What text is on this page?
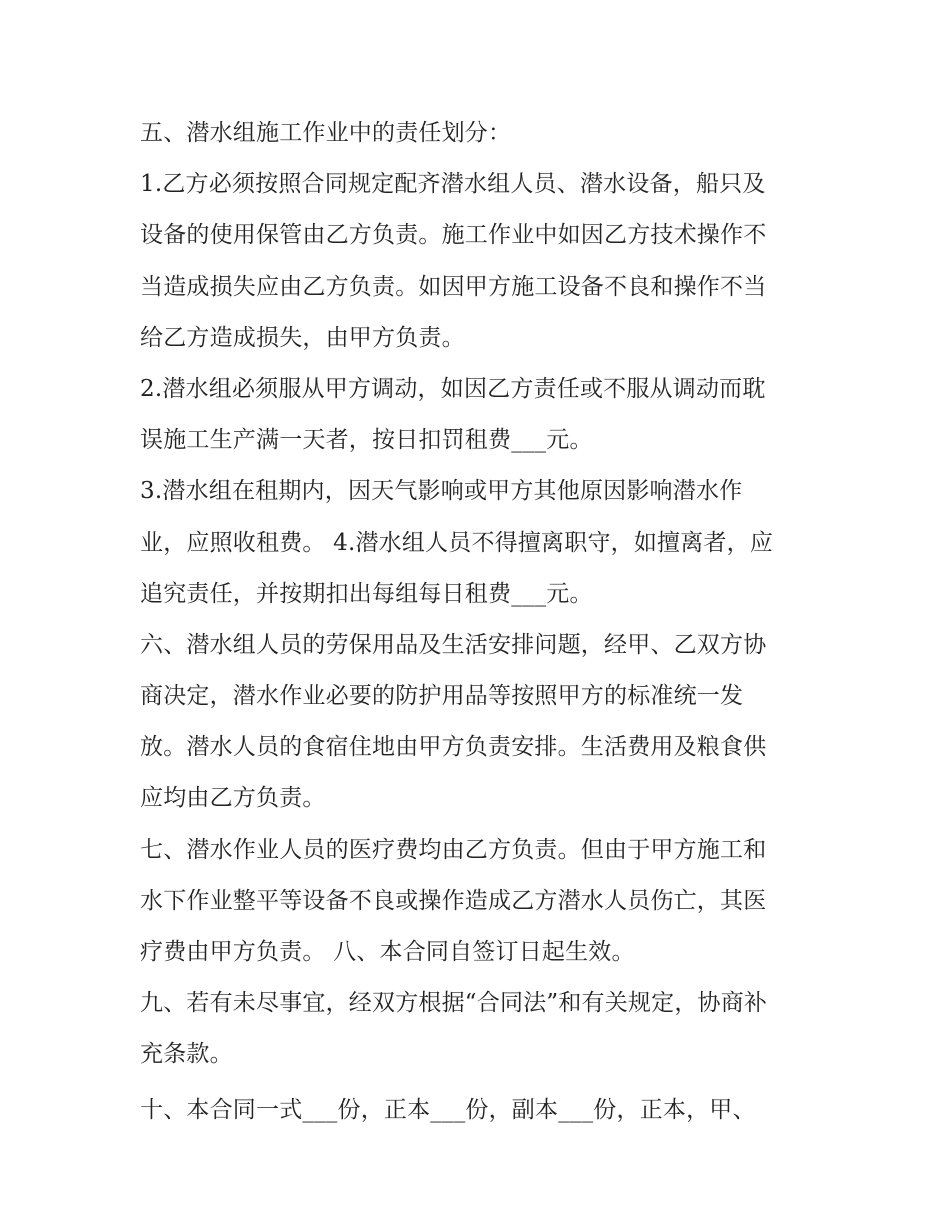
五、潜水组施工作业中的责任划分：
1.乙方必须按照合同规定配齐潜水组人员、潜水设备，船只及
设备的使用保管由乙方负责。施工作业中如因乙方技术操作不
当造成损失应由乙方负责。如因甲方施工设备不良和操作不当
给乙方造成损失，由甲方负责。
2.潜水组必须服从甲方调动，如因乙方责任或不服从调动而耽
误施工生产满一天者，按日扣罚租费___元。
3.潜水组在租期内，因天气影响或甲方其他原因影响潜水作
业，应照收租费。 4.潜水组人员不得擅离职守，如擅离者，应
追究责任，并按期扣出每组每日租费___元。
六、潜水组人员的劳保用品及生活安排问题，经甲、乙双方协
商决定，潜水作业必要的防护用品等按照甲方的标准统一发
放。潜水人员的食宿住地由甲方负责安排。生活费用及粮食供
应均由乙方负责。
七、潜水作业人员的医疗费均由乙方负责。但由于甲方施工和
水下作业整平等设备不良或操作造成乙方潜水人员伤亡，其医
疗费由甲方负责。 八、本合同自签订日起生效。
九、若有未尽事宜，经双方根据“合同法”和有关规定，协商补
充条款。
十、本合同一式___份，正本___份，副本___份，正本，甲、
